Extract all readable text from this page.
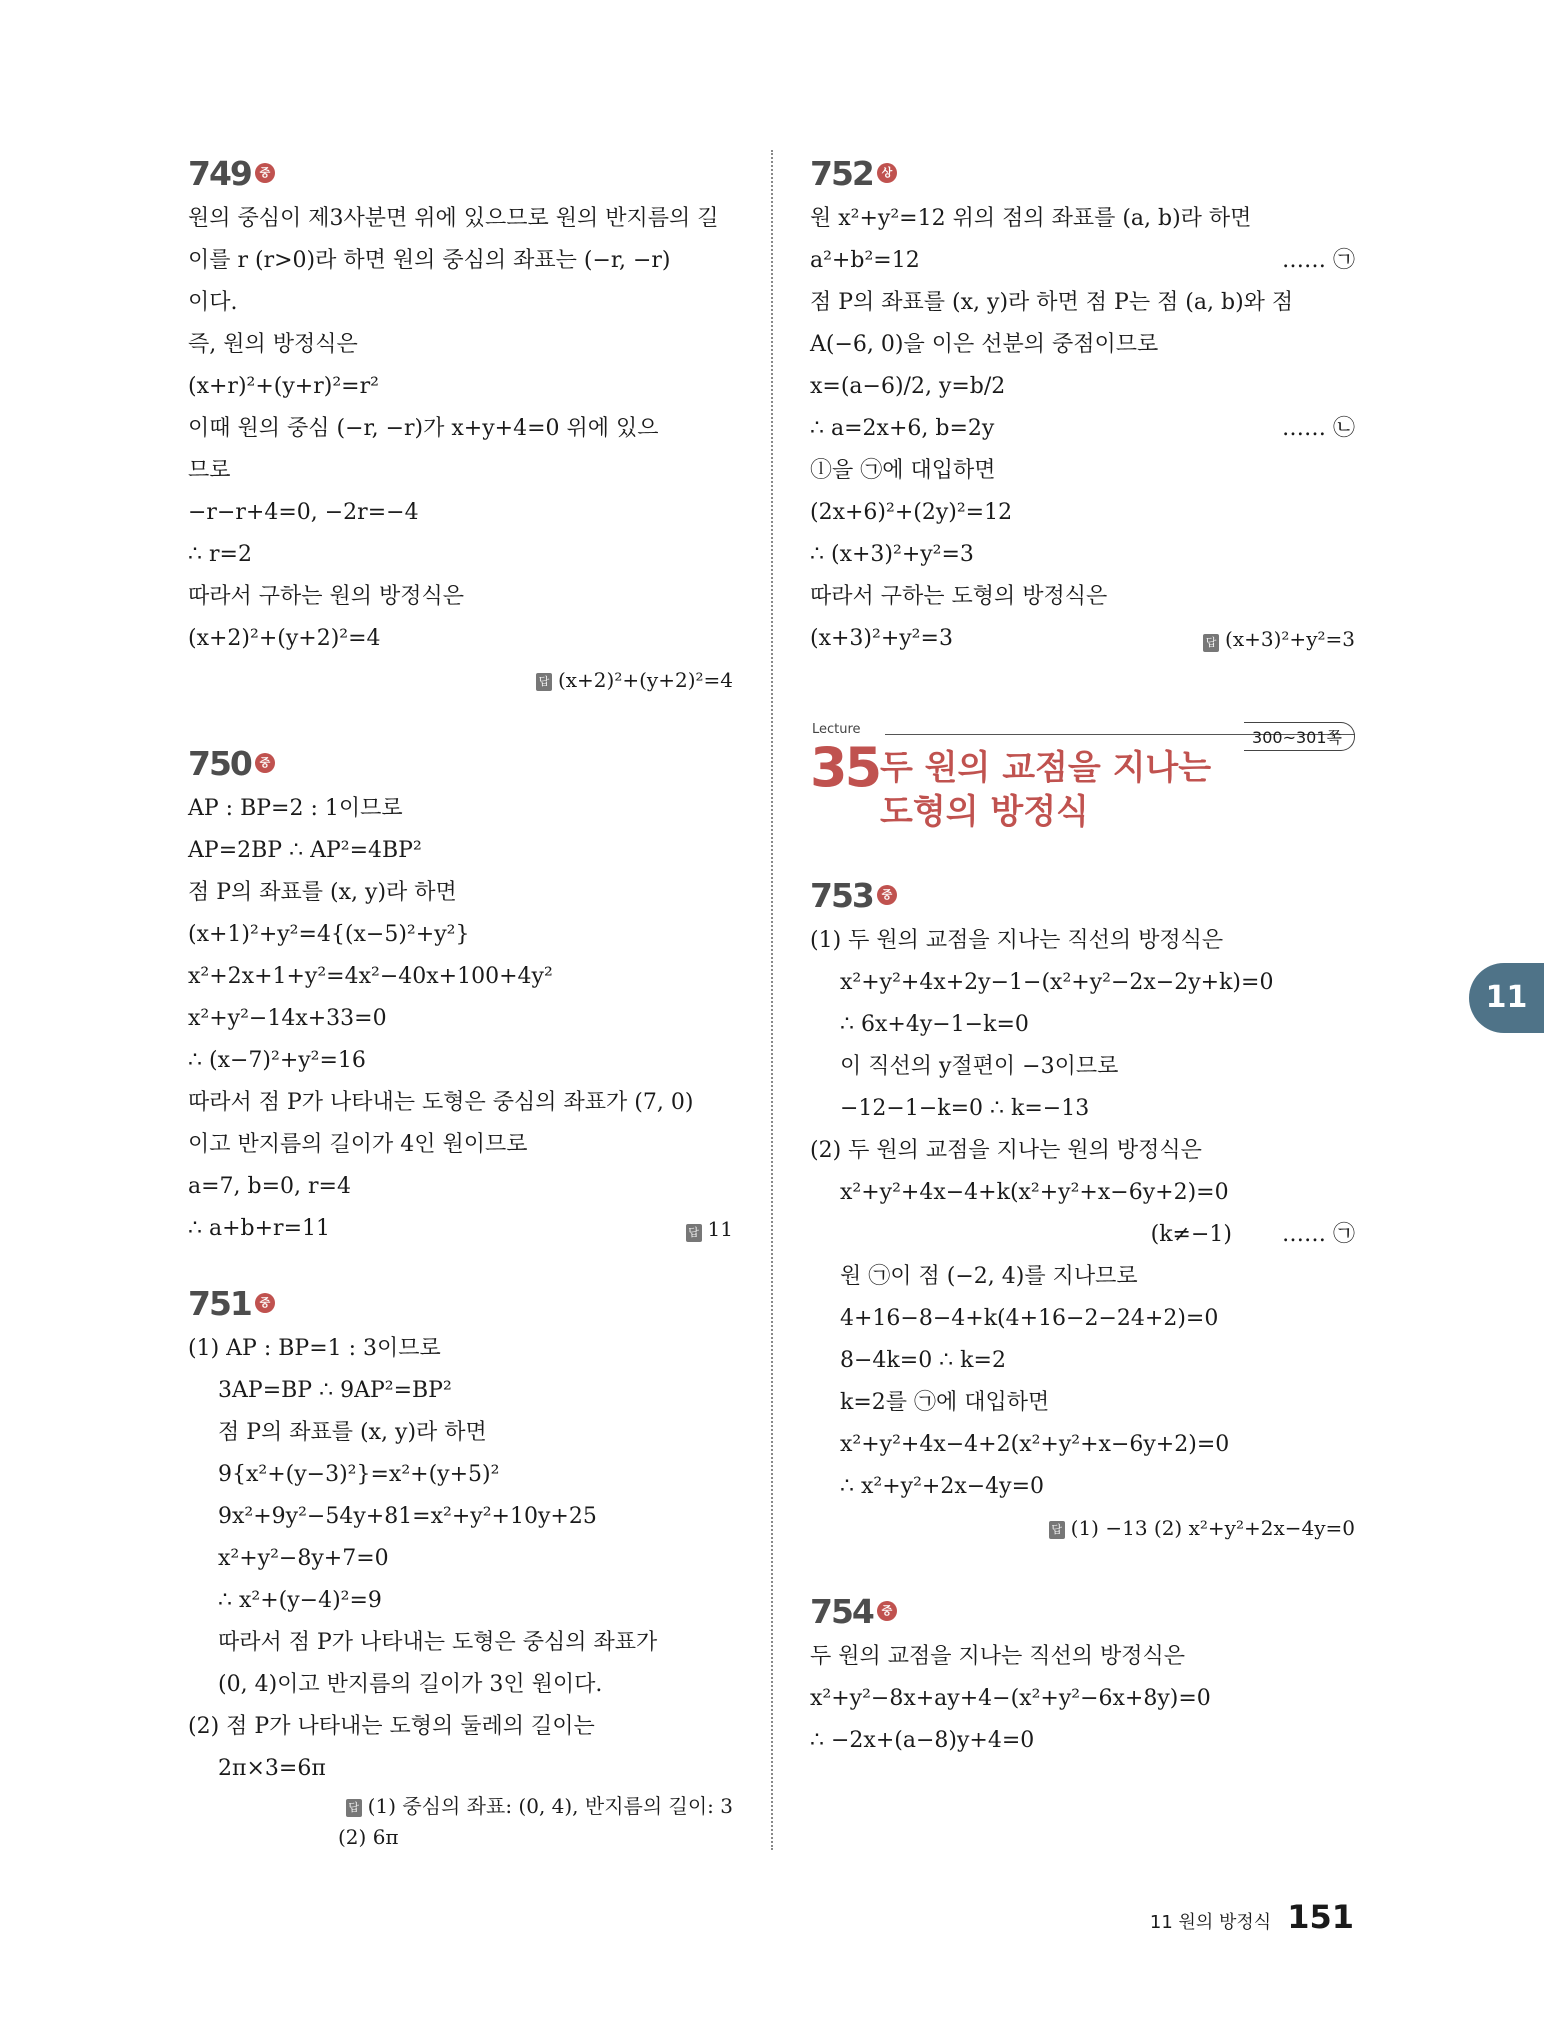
749 중
원의 중심이 제3사분면 위에 있으므로 원의 반지름의 길
이를 r (r>0)라 하면 원의 중심의 좌표는 (−r, −r)
이다.
즉, 원의 방정식은
(x+r)²+(y+r)²=r²
이때 원의 중심 (−r, −r)가 x+y+4=0 위에 있으
므로
−r−r+4=0, −2r=−4
∴ r=2
따라서 구하는 원의 방정식은
(x+2)²+(y+2)²=4
답 (x+2)²+(y+2)²=4
750 중
AP : BP=2 : 1이므로
AP=2BP ∴ AP²=4BP²
점 P의 좌표를 (x, y)라 하면
(x+1)²+y²=4{(x−5)²+y²}
x²+2x+1+y²=4x²−40x+100+4y²
x²+y²−14x+33=0
∴ (x−7)²+y²=16
따라서 점 P가 나타내는 도형은 중심의 좌표가 (7, 0)
이고 반지름의 길이가 4인 원이므로
a=7, b=0, r=4
∴ a+b+r=11	답 11
751 중
(1) AP : BP=1 : 3이므로
3AP=BP ∴ 9AP²=BP²
점 P의 좌표를 (x, y)라 하면
9{x²+(y−3)²}=x²+(y+5)²
9x²+9y²−54y+81=x²+y²+10y+25
x²+y²−8y+7=0
∴ x²+(y−4)²=9
따라서 점 P가 나타내는 도형은 중심의 좌표가
(0, 4)이고 반지름의 길이가 3인 원이다.
(2) 점 P가 나타내는 도형의 둘레의 길이는
2π×3=6π
답 (1) 중심의 좌표: (0, 4), 반지름의 길이: 3
(2) 6π
752 상
원 x²+y²=12 위의 점의 좌표를 (a, b)라 하면
a²+b²=12	…… ㉠
점 P의 좌표를 (x, y)라 하면 점 P는 점 (a, b)와 점
A(−6, 0)을 이은 선분의 중점이므로
x=(a−6)/2, y=b/2
∴ a=2x+6, b=2y	…… ㉡
ⓛ을 ㉠에 대입하면
(2x+6)²+(2y)²=12
∴ (x+3)²+y²=3
따라서 구하는 도형의 방정식은
(x+3)²+y²=3	답 (x+3)²+y²=3
Lecture	300~301쪽
35 두 원의 교점을 지나는
도형의 방정식
753 중
(1) 두 원의 교점을 지나는 직선의 방정식은
x²+y²+4x+2y−1−(x²+y²−2x−2y+k)=0
∴ 6x+4y−1−k=0
이 직선의 y절편이 −3이므로
−12−1−k=0 ∴ k=−13
(2) 두 원의 교점을 지나는 원의 방정식은
x²+y²+4x−4+k(x²+y²+x−6y+2)=0
(k≠−1) …… ㉠
원 ㉠이 점 (−2, 4)를 지나므로
4+16−8−4+k(4+16−2−24+2)=0
8−4k=0 ∴ k=2
k=2를 ㉠에 대입하면
x²+y²+4x−4+2(x²+y²+x−6y+2)=0
∴ x²+y²+2x−4y=0
답 (1) −13 (2) x²+y²+2x−4y=0
754 중
두 원의 교점을 지나는 직선의 방정식은
x²+y²−8x+ay+4−(x²+y²−6x+8y)=0
∴ −2x+(a−8)y+4=0
11
11 원의 방정식 151
